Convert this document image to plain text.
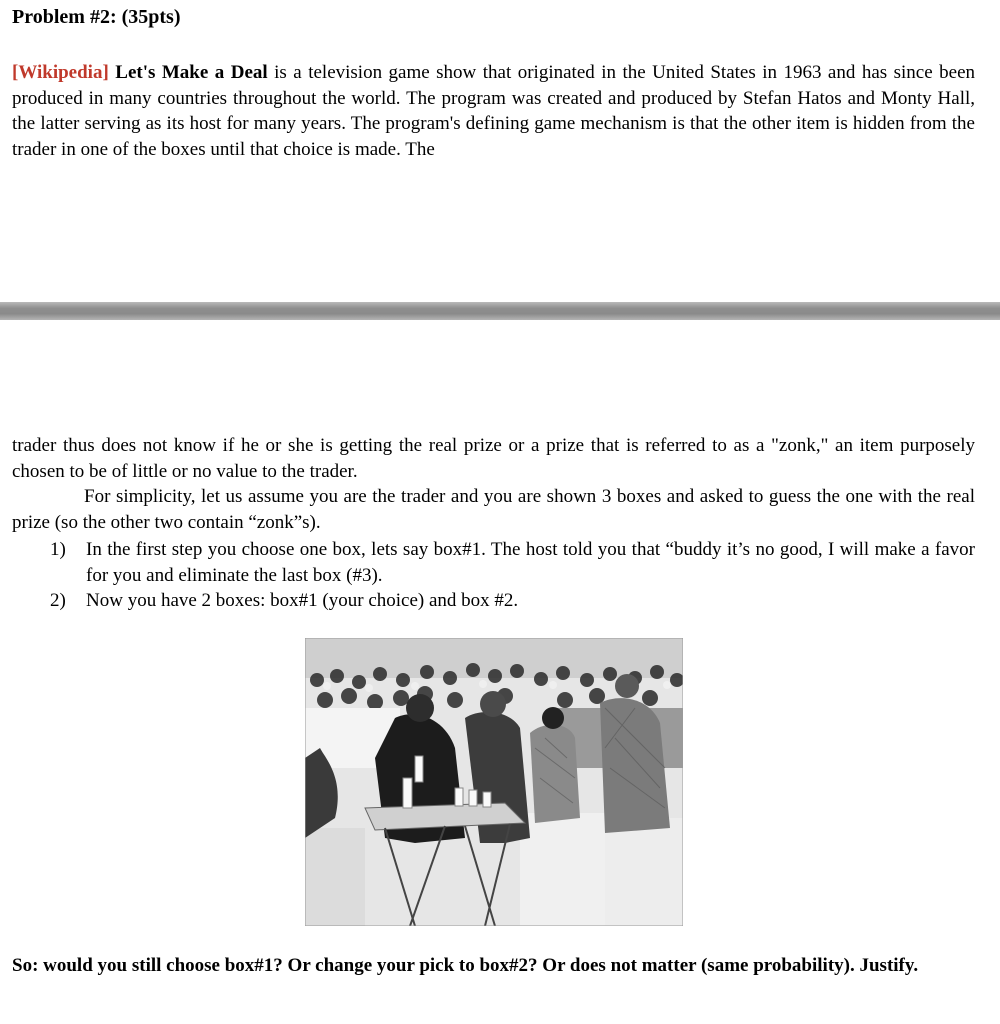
Problem #2: (35pts)

[Wikipedia] Let's Make a Deal is a television game show that originated in the United States in 1963 and has since been produced in many countries throughout the world. The program was created and produced by Stefan Hatos and Monty Hall, the latter serving as its host for many years. The program's defining game mechanism is that the other item is hidden from the trader in one of the boxes until that choice is made. The

trader thus does not know if he or she is getting the real prize or a prize that is referred to as a "zonk," an item purposely chosen to be of little or no value to the trader.
For simplicity, let us assume you are the trader and you are shown 3 boxes and asked to guess the one with the real prize (so the other two contain “zonk”s).

1) In the first step you choose one box, lets say box#1. The host told you that “buddy it’s no good, I will make a favor for you and eliminate the last box (#3).
2) Now you have 2 boxes: box#1 (your choice) and box #2.

So: would you still choose box#1? Or change your pick to box#2? Or does not matter (same probability). Justify.
